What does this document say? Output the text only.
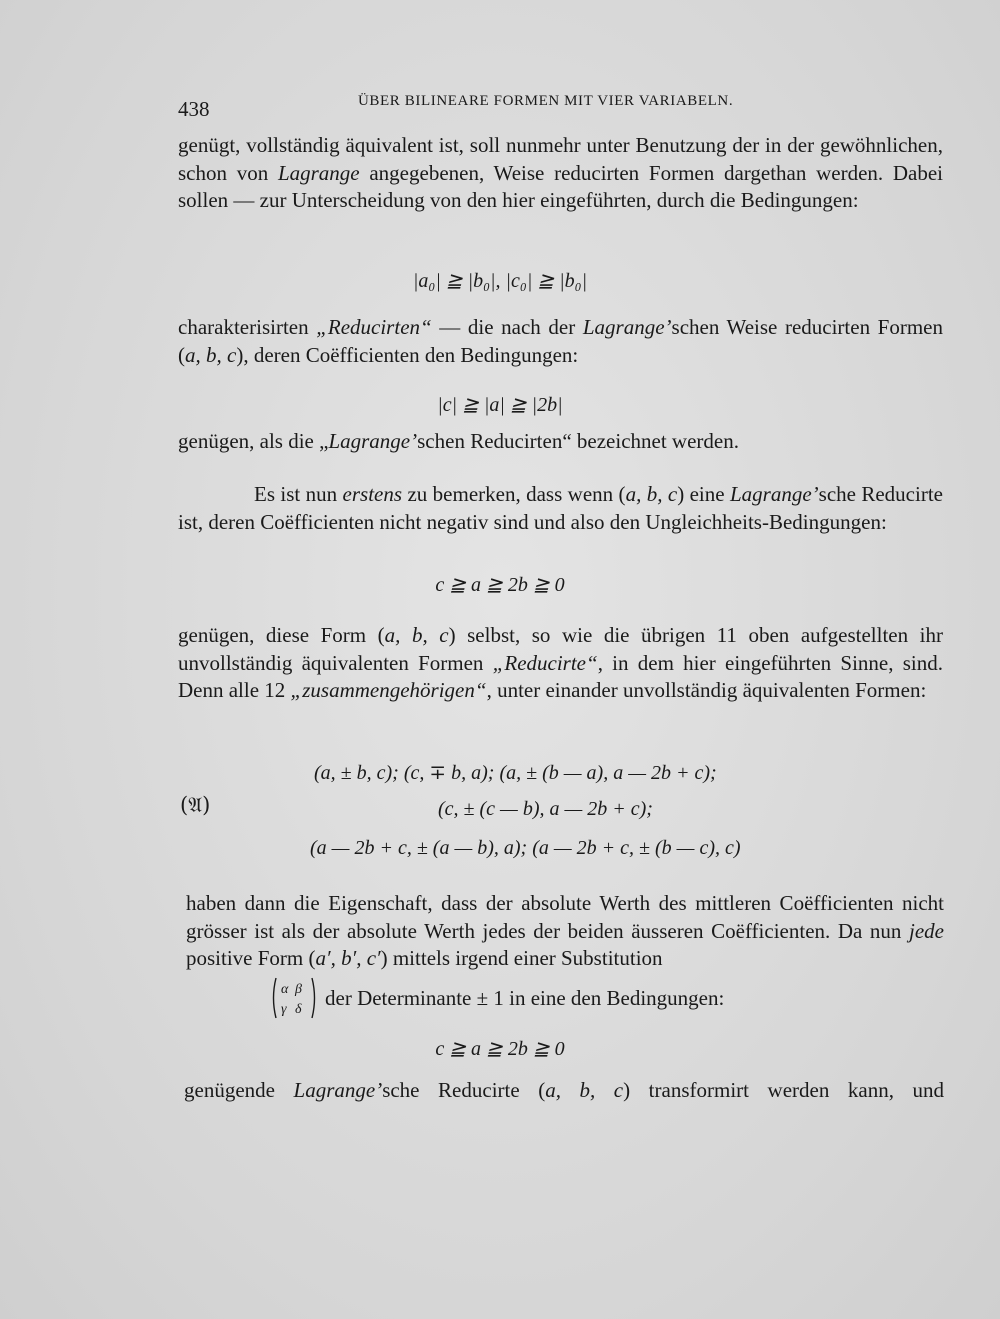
438	ÜBER BILINEARE FORMEN MIT VIER VARIABELN.

genügt, vollständig äquivalent ist, soll nunmehr unter Benutzung der in der gewöhnlichen, schon von Lagrange angegebenen, Weise reducirten Formen dargethan werden. Dabei sollen — zur Unterscheidung von den hier eingeführten, durch die Bedingungen:

|a₀| ≧ |b₀|, |c₀| ≧ |b₀|

charakterisirten „Reducirten“ — die nach der Lagrange’schen Weise reducirten Formen (a, b, c), deren Coëfficienten den Bedingungen:

|c| ≧ |a| ≧ |2b|

genügen, als die „Lagrange’schen Reducirten“ bezeichnet werden.

Es ist nun erstens zu bemerken, dass wenn (a, b, c) eine Lagrange’sche Reducirte ist, deren Coëfficienten nicht negativ sind und also den Ungleichheits-Bedingungen:

c ≧ a ≧ 2b ≧ 0

genügen, diese Form (a, b, c) selbst, so wie die übrigen 11 oben aufgestellten ihr unvollständig äquivalenten Formen „Reducirte“, in dem hier eingeführten Sinne, sind. Denn alle 12 „zusammengehörigen“, unter einander unvollständig äquivalenten Formen:

(𝔄)
(a, ± b, c); (c, ∓ b, a); (a, ± (b — a), a — 2b + c);
(c, ± (c — b), a — 2b + c);
(a — 2b + c, ± (a — b), a); (a — 2b + c, ± (b — c), c)

haben dann die Eigenschaft, dass der absolute Werth des mittleren Coëfficienten nicht grösser ist als der absolute Werth jedes der beiden äusseren Coëfficienten. Da nun jede positive Form (a′, b′, c′) mittels irgend einer Substitution

α β
γ δ der Determinante ± 1 in eine den Bedingungen:
c ≧ a ≧ 2b ≧ 0

genügende Lagrange’sche Reducirte (a, b, c) transformirt werden kann, und
